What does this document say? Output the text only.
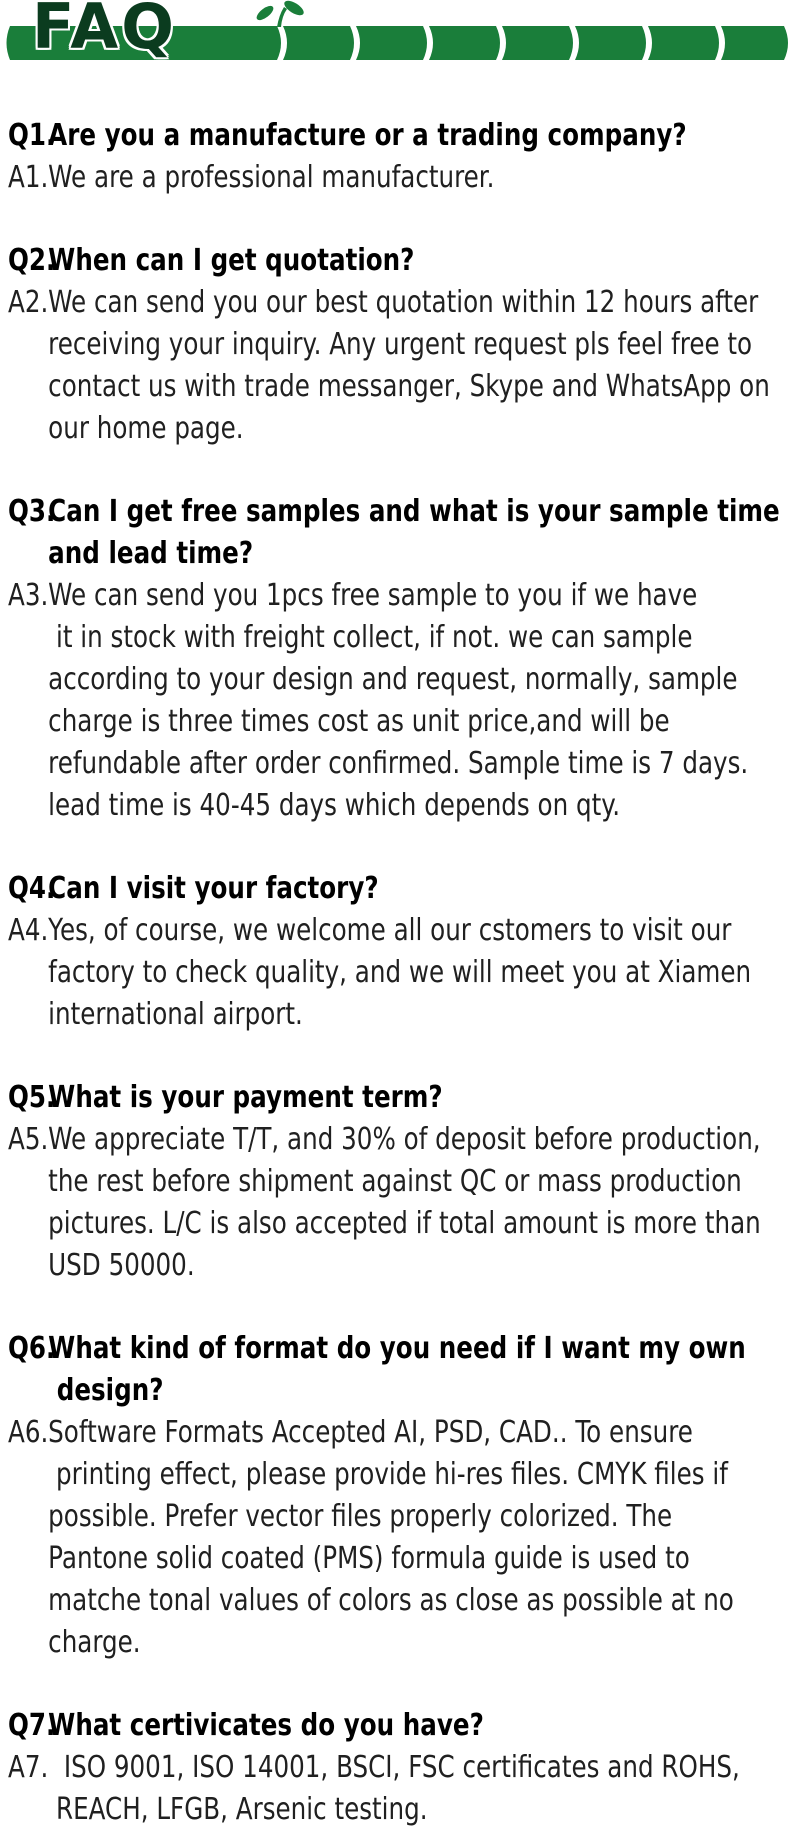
FAQ
Q1.Are you a manufacture or a trading company?
A1.We are a professional manufacturer.
Q2.When can I get quotation?
A2.We can send you our best quotation within 12 hours after
receiving your inquiry. Any urgent request pls feel free to
contact us with trade messanger, Skype and WhatsApp on
our home page.
Q3.Can I get free samples and what is your sample time
and lead time?
A3.We can send you 1pcs free sample to you if we have
it in stock with freight collect, if not. we can sample
according to your design and request, normally, sample
charge is three times cost as unit price,and will be
refundable after order confirmed. Sample time is 7 days.
lead time is 40-45 days which depends on qty.
Q4.Can I visit your factory?
A4.Yes, of course, we welcome all our cstomers to visit our
factory to check quality, and we will meet you at Xiamen
international airport.
Q5.What is your payment term?
A5.We appreciate T/T, and 30% of deposit before production,
the rest before shipment against QC or mass production
pictures. L/C is also accepted if total amount is more than
USD 50000.
Q6.What kind of format do you need if I want my own
design?
A6.Software Formats Accepted AI, PSD, CAD.. To ensure
printing effect, please provide hi-res files. CMYK files if
possible. Prefer vector files properly colorized. The
Pantone solid coated (PMS) formula guide is used to
matche tonal values of colors as close as possible at no
charge.
Q7.What certivicates do you have?
A7.  ISO 9001, ISO 14001, BSCI, FSC certificates and ROHS,
REACH, LFGB, Arsenic testing.
